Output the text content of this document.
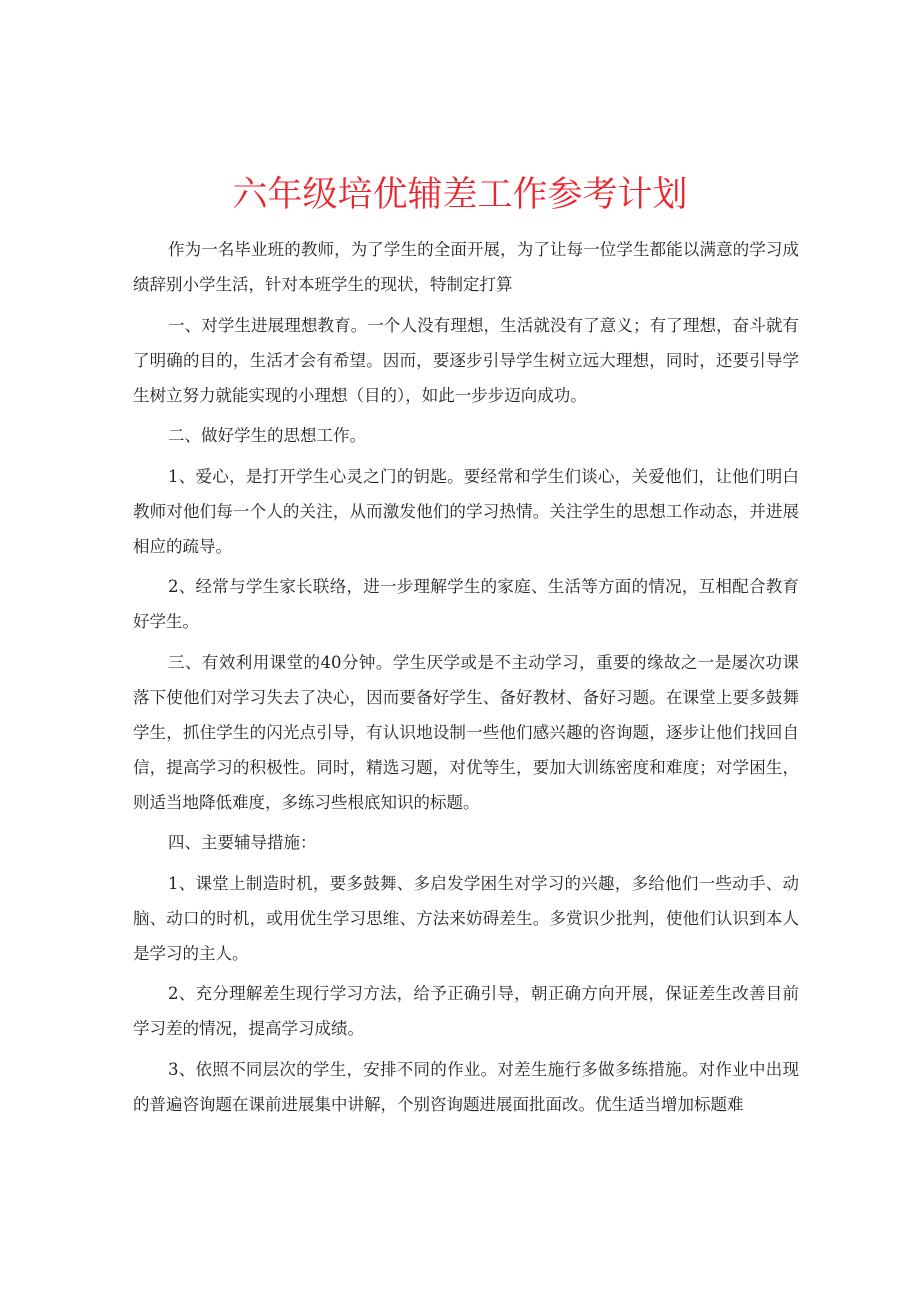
六年级培优辅差工作参考计划

作为一名毕业班的教师，为了学生的全面开展，为了让每一位学生都能以满意的学习成绩辞别小学生活，针对本班学生的现状，特制定打算

一、对学生进展理想教育。一个人没有理想，生活就没有了意义；有了理想，奋斗就有了明确的目的，生活才会有希望。因而，要逐步引导学生树立远大理想，同时，还要引导学生树立努力就能实现的小理想（目的），如此一步步迈向成功。

二、做好学生的思想工作。

1、爱心，是打开学生心灵之门的钥匙。要经常和学生们谈心，关爱他们，让他们明白教师对他们每一个人的关注，从而激发他们的学习热情。关注学生的思想工作动态，并进展相应的疏导。

2、经常与学生家长联络，进一步理解学生的家庭、生活等方面的情况，互相配合教育好学生。

三、有效利用课堂的40分钟。学生厌学或是不主动学习，重要的缘故之一是屡次功课落下使他们对学习失去了决心，因而要备好学生、备好教材、备好习题。在课堂上要多鼓舞学生，抓住学生的闪光点引导，有认识地设制一些他们感兴趣的咨询题，逐步让他们找回自信，提高学习的积极性。同时，精选习题，对优等生，要加大训练密度和难度；对学困生，则适当地降低难度，多练习些根底知识的标题。

四、主要辅导措施：

1、课堂上制造时机，要多鼓舞、多启发学困生对学习的兴趣，多给他们一些动手、动脑、动口的时机，或用优生学习思维、方法来妨碍差生。多赏识少批判，使他们认识到本人是学习的主人。

2、充分理解差生现行学习方法，给予正确引导，朝正确方向开展，保证差生改善目前学习差的情况，提高学习成绩。

3、依照不同层次的学生，安排不同的作业。对差生施行多做多练措施。对作业中出现的普遍咨询题在课前进展集中讲解，个别咨询题进展面批面改。优生适当增加标题难
